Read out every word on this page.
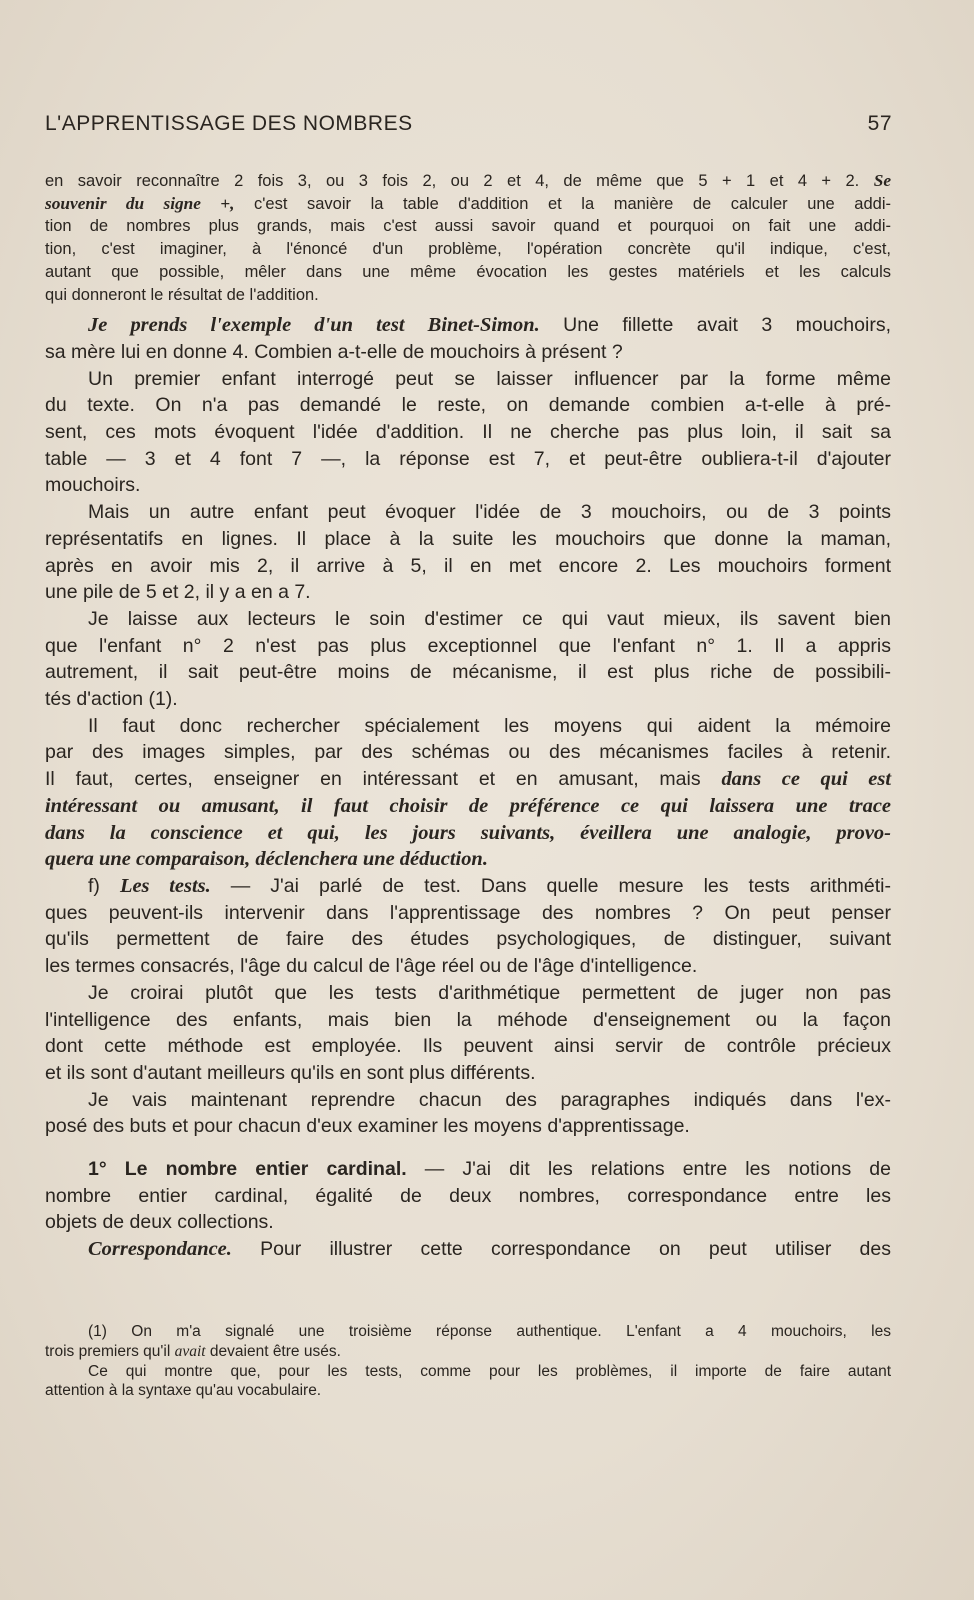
L'APPRENTISSAGE DES NOMBRES	57

en savoir reconnaître 2 fois 3, ou 3 fois 2, ou 2 et 4, de même que 5 + 1 et 4 + 2. Se
souvenir du signe +, c'est savoir la table d'addition et la manière de calculer une addi-
tion de nombres plus grands, mais c'est aussi savoir quand et pourquoi on fait une addi-
tion, c'est imaginer, à l'énoncé d'un problème, l'opération concrète qu'il indique, c'est,
autant que possible, mêler dans une même évocation les gestes matériels et les calculs
qui donneront le résultat de l'addition.

Je prends l'exemple d'un test Binet-Simon. Une fillette avait 3 mouchoirs,
sa mère lui en donne 4. Combien a-t-elle de mouchoirs à présent ?

Un premier enfant interrogé peut se laisser influencer par la forme même
du texte. On n'a pas demandé le reste, on demande combien a-t-elle à pré-
sent, ces mots évoquent l'idée d'addition. Il ne cherche pas plus loin, il sait sa
table — 3 et 4 font 7 —, la réponse est 7, et peut-être oubliera-t-il d'ajouter
mouchoirs.

Mais un autre enfant peut évoquer l'idée de 3 mouchoirs, ou de 3 points
représentatifs en lignes. Il place à la suite les mouchoirs que donne la maman,
après en avoir mis 2, il arrive à 5, il en met encore 2. Les mouchoirs forment
une pile de 5 et 2, il y a en a 7.

Je laisse aux lecteurs le soin d'estimer ce qui vaut mieux, ils savent bien
que l'enfant n° 2 n'est pas plus exceptionnel que l'enfant n° 1. Il a appris
autrement, il sait peut-être moins de mécanisme, il est plus riche de possibili-
tés d'action (1).

Il faut donc rechercher spécialement les moyens qui aident la mémoire
par des images simples, par des schémas ou des mécanismes faciles à retenir.
Il faut, certes, enseigner en intéressant et en amusant, mais dans ce qui est
intéressant ou amusant, il faut choisir de préférence ce qui laissera une trace
dans la conscience et qui, les jours suivants, éveillera une analogie, provo-
quera une comparaison, déclenchera une déduction.

f) Les tests. — J'ai parlé de test. Dans quelle mesure les tests arithméti-
ques peuvent-ils intervenir dans l'apprentissage des nombres ? On peut penser
qu'ils permettent de faire des études psychologiques, de distinguer, suivant
les termes consacrés, l'âge du calcul de l'âge réel ou de l'âge d'intelligence.

Je croirai plutôt que les tests d'arithmétique permettent de juger non pas
l'intelligence des enfants, mais bien la méhode d'enseignement ou la façon
dont cette méthode est employée. Ils peuvent ainsi servir de contrôle précieux
et ils sont d'autant meilleurs qu'ils en sont plus différents.

Je vais maintenant reprendre chacun des paragraphes indiqués dans l'ex-
posé des buts et pour chacun d'eux examiner les moyens d'apprentissage.

1° Le nombre entier cardinal. — J'ai dit les relations entre les notions de
nombre entier cardinal, égalité de deux nombres, correspondance entre les
objets de deux collections.

Correspondance. Pour illustrer cette correspondance on peut utiliser des

(1) On m'a signalé une troisième réponse authentique. L'enfant a 4 mouchoirs, les
trois premiers qu'il avait devaient être usés.

Ce qui montre que, pour les tests, comme pour les problèmes, il importe de faire autant
attention à la syntaxe qu'au vocabulaire.
